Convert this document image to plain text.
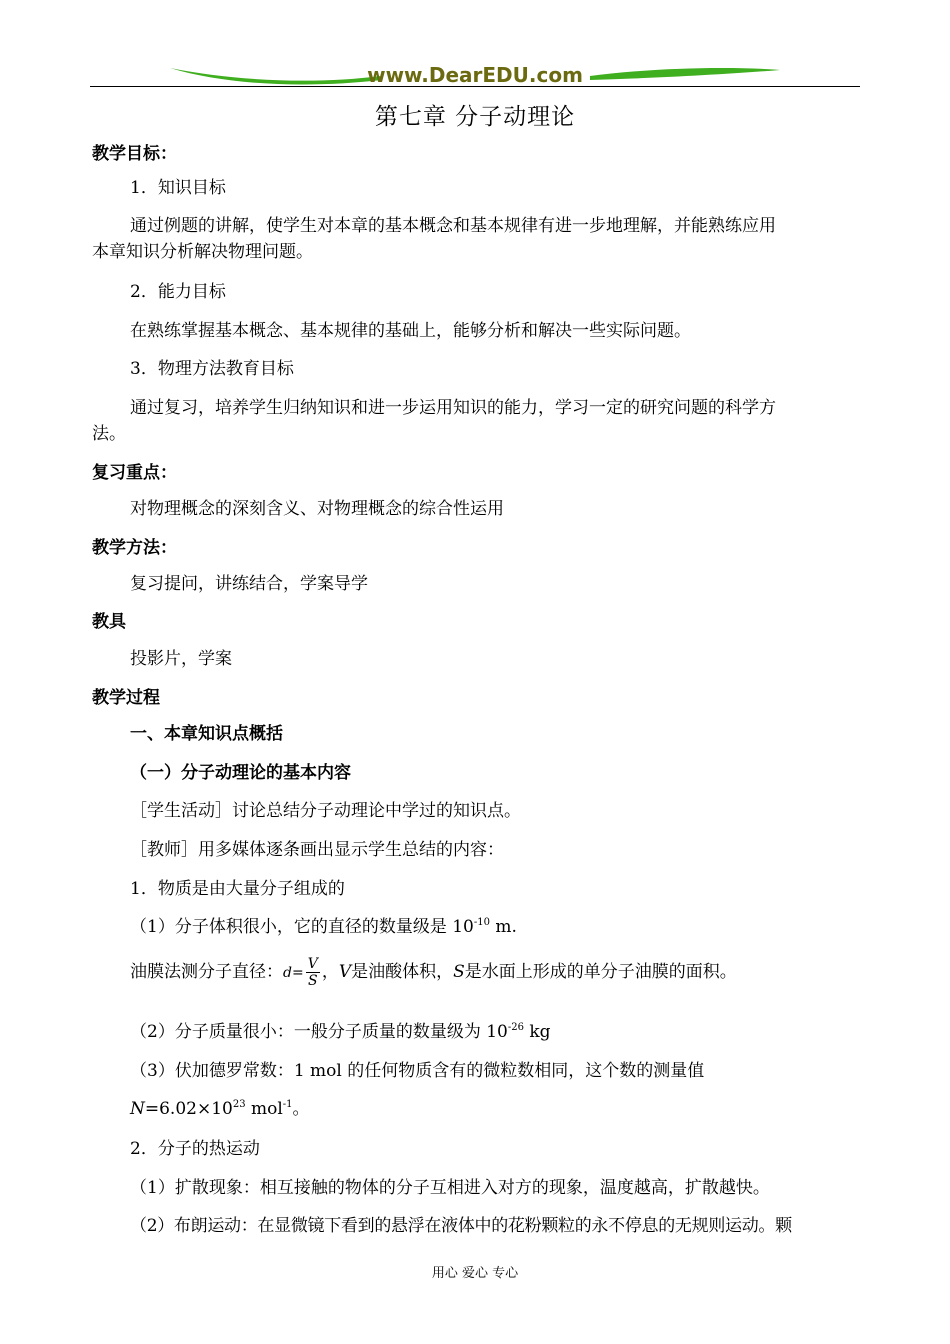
www.DearEDU.com
第七章 分子动理论
教学目标：
1．知识目标
通过例题的讲解，使学生对本章的基本概念和基本规律有进一步地理解，并能熟练应用
本章知识分析解决物理问题。
2．能力目标
在熟练掌握基本概念、基本规律的基础上，能够分析和解决一些实际问题。
3．物理方法教育目标
通过复习，培养学生归纳知识和进一步运用知识的能力，学习一定的研究问题的科学方
法。
复习重点：
对物理概念的深刻含义、对物理概念的综合性运用
教学方法：
复习提问，讲练结合，学案导学
教具
投影片，学案
教学过程
一、本章知识点概括
（一）分子动理论的基本内容
［学生活动］讨论总结分子动理论中学过的知识点。
［教师］用多媒体逐条画出显示学生总结的内容：
1．物质是由大量分子组成的
（1）分子体积很小，它的直径的数量级是 $10^{-10}$ m.
油膜法测分子直径：$d= \frac{V}{S}$ ，V是油酸体积，S是水面上形成的单分子油膜的面积。
（2）分子质量很小：一般分子质量的数量级为 $10^{-26}$ kg
（3）伏加德罗常数：1 mol 的任何物质含有的微粒数相同，这个数的测量值
$N=6.02\times 10^{23}$ mol$^{-1}$。
2．分子的热运动
（1）扩散现象：相互接触的物体的分子互相进入对方的现象，温度越高，扩散越快。
（2）布朗运动：在显微镜下看到的悬浮在液体中的花粉颗粒的永不停息的无规则运动。颗
用心 爱心 专心
